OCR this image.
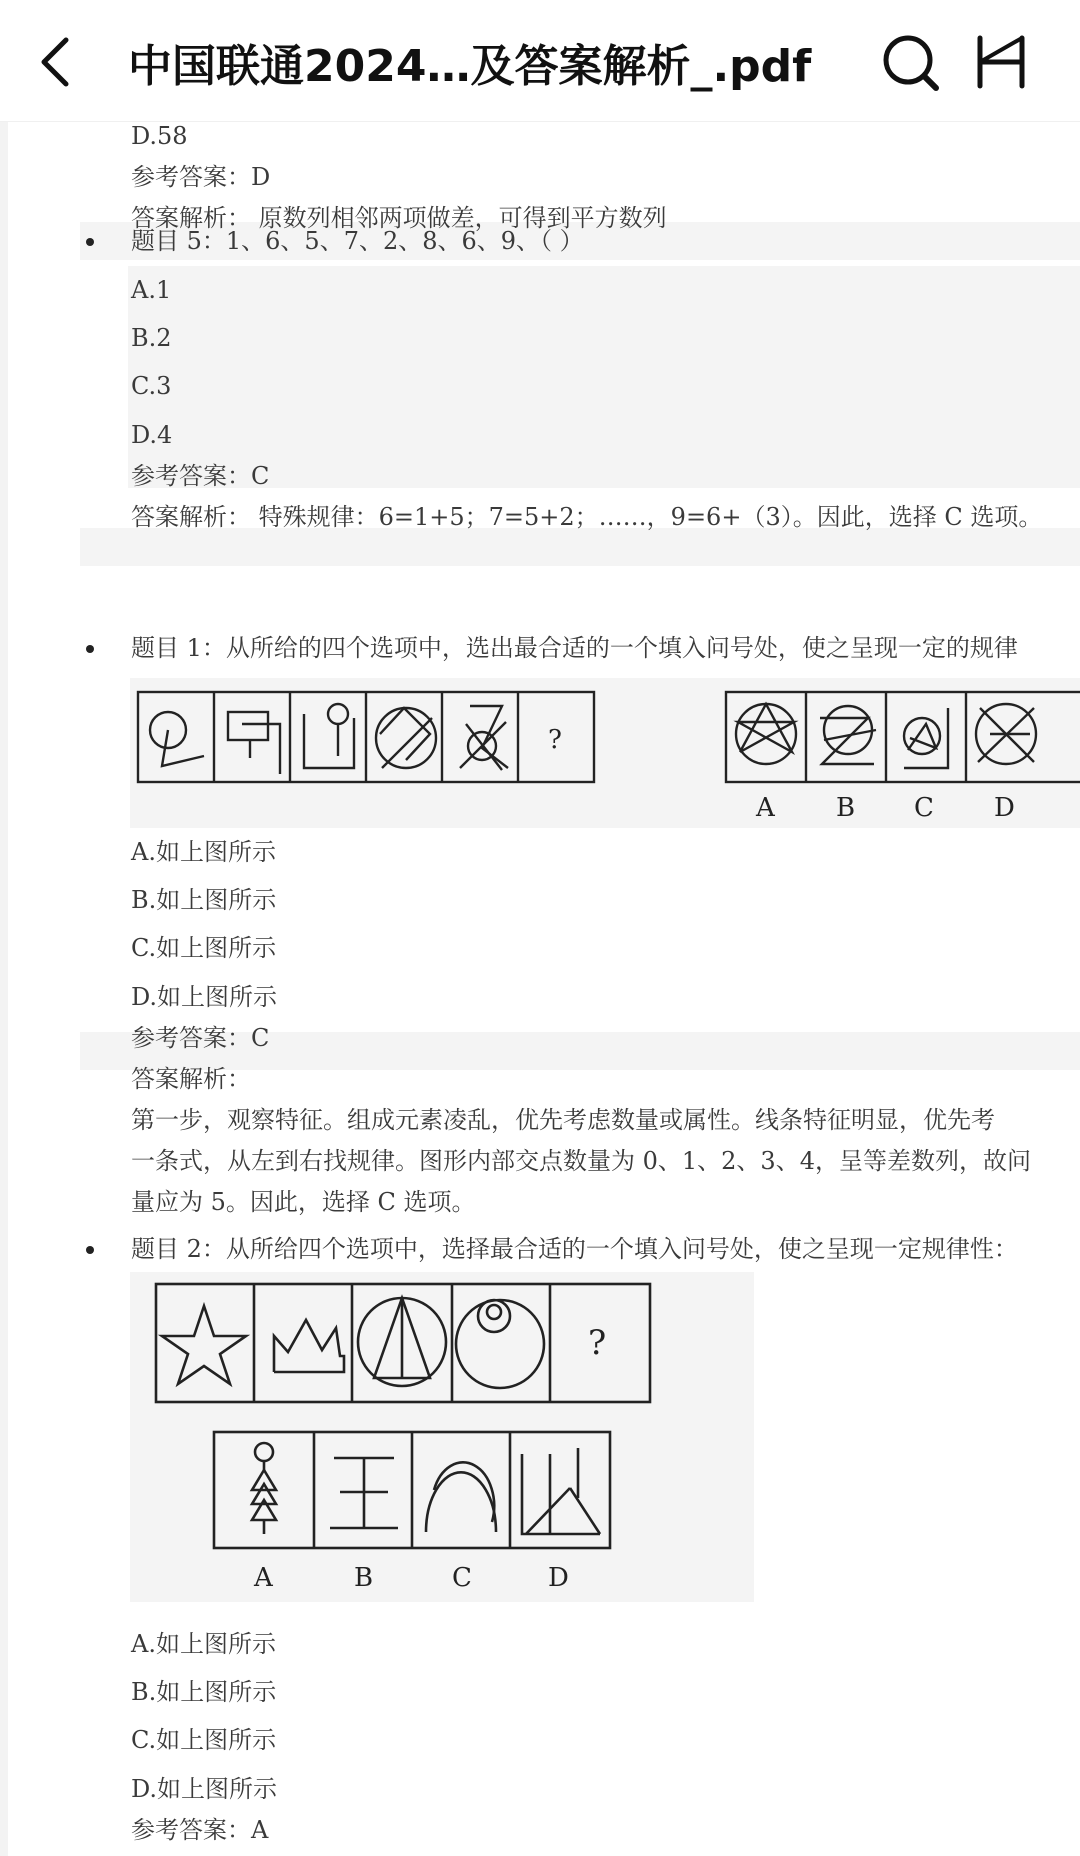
中国联通2024…及答案解析_.pdf
D.58
参考答案：D
答案解析： 原数列相邻两项做差，可得到平方数列
题目 5：1、6、5、7、2、8、6、9、（ ）
A.1
B.2
C.3
D.4
参考答案：C
答案解析： 特殊规律：6=1+5；7=5+2；……，9=6+（3）。因此，选择 C 选项。
题目 1：从所给的四个选项中，选出最合适的一个填入问号处，使之呈现一定的规律
?
A B C D
A.如上图所示
B.如上图所示
C.如上图所示
D.如上图所示
参考答案：C
答案解析：
第一步，观察特征。组成元素凌乱，优先考虑数量或属性。线条特征明显，优先考
一条式，从左到右找规律。图形内部交点数量为 0、1、2、3、4，呈等差数列，故问
量应为 5。因此，选择 C 选项。
题目 2：从所给四个选项中，选择最合适的一个填入问号处，使之呈现一定规律性：
?
A	B	C	D
A.如上图所示
B.如上图所示
C.如上图所示
D.如上图所示
参考答案：A
